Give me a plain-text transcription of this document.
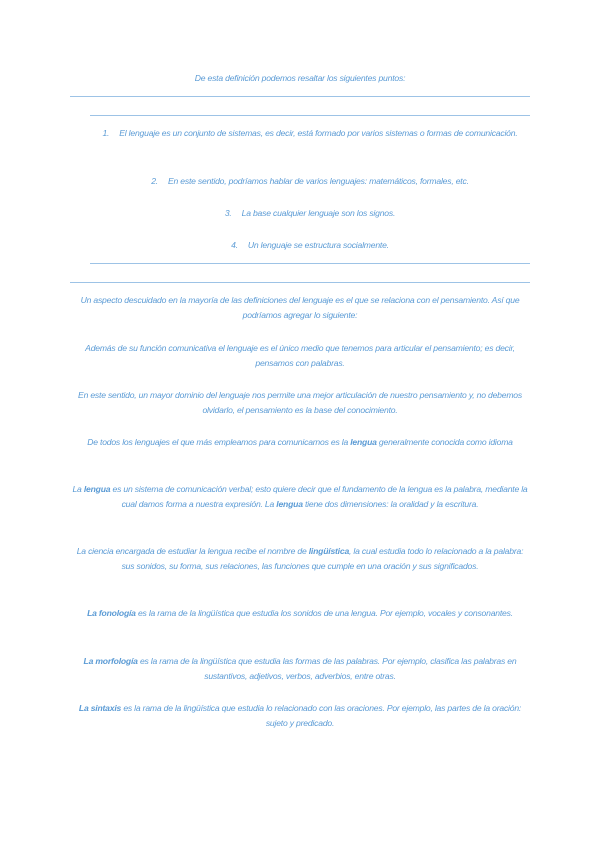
De esta definición podemos resaltar los siguientes puntos:

1. El lenguaje es un conjunto de sistemas, es decir, está formado por varios sistemas o formas de comunicación.

2. En este sentido, podríamos hablar de varios lenguajes: matemáticos, formales, etc.

3. La base cualquier lenguaje son los signos.

4. Un lenguaje se estructura socialmente.

Un aspecto descuidado en la mayoría de las definiciones del lenguaje es el que se relaciona con el pensamiento. Así que podríamos agregar lo siguiente:

Además de su función comunicativa el lenguaje es el único medio que tenemos para articular el pensamiento; es decir, pensamos con palabras.

En este sentido, un mayor dominio del lenguaje nos permite una mejor articulación de nuestro pensamiento y, no debemos olvidarlo, el pensamiento es la base del conocimiento.

De todos los lenguajes el que más empleamos para comunicarnos es la lengua generalmente conocida como idioma

La lengua es un sistema de comunicación verbal; esto quiere decir que el fundamento de la lengua es la palabra, mediante la cual damos forma a nuestra expresión. La lengua tiene dos dimensiones: la oralidad y la escritura.

La ciencia encargada de estudiar la lengua recibe el nombre de lingüística, la cual estudia todo lo relacionado a la palabra: sus sonidos, su forma, sus relaciones, las funciones que cumple en una oración y sus significados.

La fonología es la rama de la lingüística que estudia los sonidos de una lengua. Por ejemplo, vocales y consonantes.

La morfología es la rama de la lingüística que estudia las formas de las palabras. Por ejemplo, clasifica las palabras en sustantivos, adjetivos, verbos, adverbios, entre otras.

La sintaxis es la rama de la lingüística que estudia lo relacionado con las oraciones. Por ejemplo, las partes de la oración: sujeto y predicado.
